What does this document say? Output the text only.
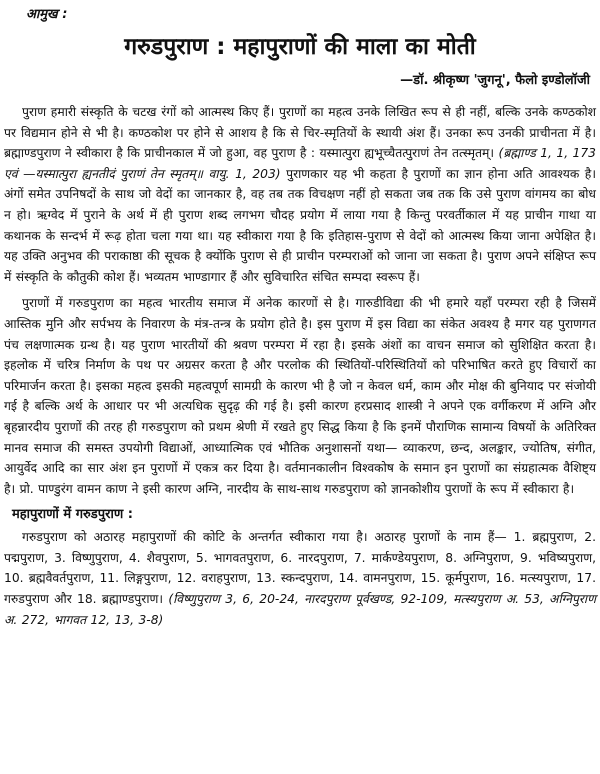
आमुख :
गरुडपुराण : महापुराणों की माला का मोती
—डॉ. श्रीकृष्ण 'जुगनू', फैलो इण्डोलॉजी

पुराण हमारी संस्कृति के चटख रंगों को आत्मस्थ किए हैं। पुराणों का महत्व उनके लिखित रूप से ही नहीं, बल्कि उनके कण्ठकोश पर विद्यमान होने से भी है। कण्ठकोश पर होने से आशय है कि से चिर-स्मृतियों के स्थायी अंश हैं। उनका रूप उनकी प्राचीनता में है। ब्रह्माण्डपुराण ने स्वीकारा है कि प्राचीनकाल में जो हुआ, वह पुराण है : यस्मात्पुरा ह्यभूच्चैतत्पुराणं तेन तत्स्मृतम्। (ब्रह्माण्ड 1, 1, 173 एवं —यस्मात्पुरा ह्यनतीदं पुराणं तेन स्मृतम्॥ वायु. 1, 203) पुराणकार यह भी कहता है पुराणों का ज्ञान होना अति आवश्यक है। अंगों समेत उपनिषदों के साथ जो वेदों का जानकार है, वह तब तक विचक्षण नहीं हो सकता जब तक कि उसे पुराण वांगमय का बोध न हो। ऋग्वेद में पुराने के अर्थ में ही पुराण शब्द लगभग चौदह प्रयोग में लाया गया है किन्तु परवर्तीकाल में यह प्राचीन गाथा या कथानक के सन्दर्भ में रूढ़ होता चला गया था। यह स्वीकारा गया है कि इतिहास-पुराण से वेदों को आत्मस्थ किया जाना अपेक्षित है। यह उक्ति अनुभव की पराकाष्ठा की सूचक है क्योंकि पुराण से ही प्राचीन परम्पराओं को जाना जा सकता है। पुराण अपने संक्षिप्त रूप में संस्कृति के कौतुकी कोश हैं। भव्यतम भाण्डागार हैं और सुविचारित संचित सम्पदा स्वरूप हैं।

पुराणों में गरुडपुराण का महत्व भारतीय समाज में अनेक कारणों से है। गारुडीविद्या की भी हमारे यहाँ परम्परा रही है जिसमें आस्तिक मुनि और सर्पभय के निवारण के मंत्र-तन्त्र के प्रयोग होते है। इस पुराण में इस विद्या का संकेत अवश्य है मगर यह पुराणगत पंच लक्षणात्मक ग्रन्थ है। यह पुराण भारतीयों की श्रवण परम्परा में रहा है। इसके अंशों का वाचन समाज को सुशिक्षित करता है। इहलोक में चरित्र निर्माण के पथ पर अग्रसर करता है और परलोक की स्थितियों-परिस्थितियों को परिभाषित करते हुए विचारों का परिमार्जन करता है। इसका महत्व इसकी महत्वपूर्ण सामग्री के कारण भी है जो न केवल धर्म, काम और मोक्ष की बुनियाद पर संजोयी गई है बल्कि अर्थ के आधार पर भी अत्यधिक सुदृढ़ की गई है। इसी कारण हरप्रसाद शास्त्री ने अपने एक वर्गीकरण में अग्नि और बृहन्नारदीय पुराणों की तरह ही गरुडपुराण को प्रथम श्रेणी में रखते हुए सिद्ध किया है कि इनमें पौराणिक सामान्य विषयों के अतिरिक्त मानव समाज की समस्त उपयोगी विद्याओं, आध्यात्मिक एवं भौतिक अनुशासनों यथा— व्याकरण, छन्द, अलङ्कार, ज्योतिष, संगीत, आयुर्वेद आदि का सार अंश इन पुराणों में एकत्र कर दिया है। वर्तमानकालीन विश्वकोष के समान इन पुराणों का संग्रहात्मक वैशिष्ट्य है। प्रो. पाण्डुरंग वामन काण ने इसी कारण अग्नि, नारदीय के साथ-साथ गरुडपुराण को ज्ञानकोशीय पुराणों के रूप में स्वीकारा है।

महापुराणों में गरुडपुराण :

गरुडपुराण को अठारह महापुराणों की कोटि के अन्तर्गत स्वीकारा गया है। अठारह पुराणों के नाम हैं— 1. ब्रह्मपुराण, 2. पद्मपुराण, 3. विष्णुपुराण, 4. शैवपुराण, 5. भागवतपुराण, 6. नारदपुराण, 7. मार्कण्डेयपुराण, 8. अग्निपुराण, 9. भविष्यपुराण, 10. ब्रह्मवैवर्तपुराण, 11. लिङ्गपुराण, 12. वराहपुराण, 13. स्कन्दपुराण, 14. वामनपुराण, 15. कूर्मपुराण, 16. मत्स्यपुराण, 17. गरुडपुराण और 18. ब्रह्माण्डपुराण। (विष्णुपुराण 3, 6, 20-24, नारदपुराण पूर्वखण्ड, 92-109, मत्स्यपुराण अ. 53, अग्निपुराण अ. 272, भागवत 12, 13, 3-8)
